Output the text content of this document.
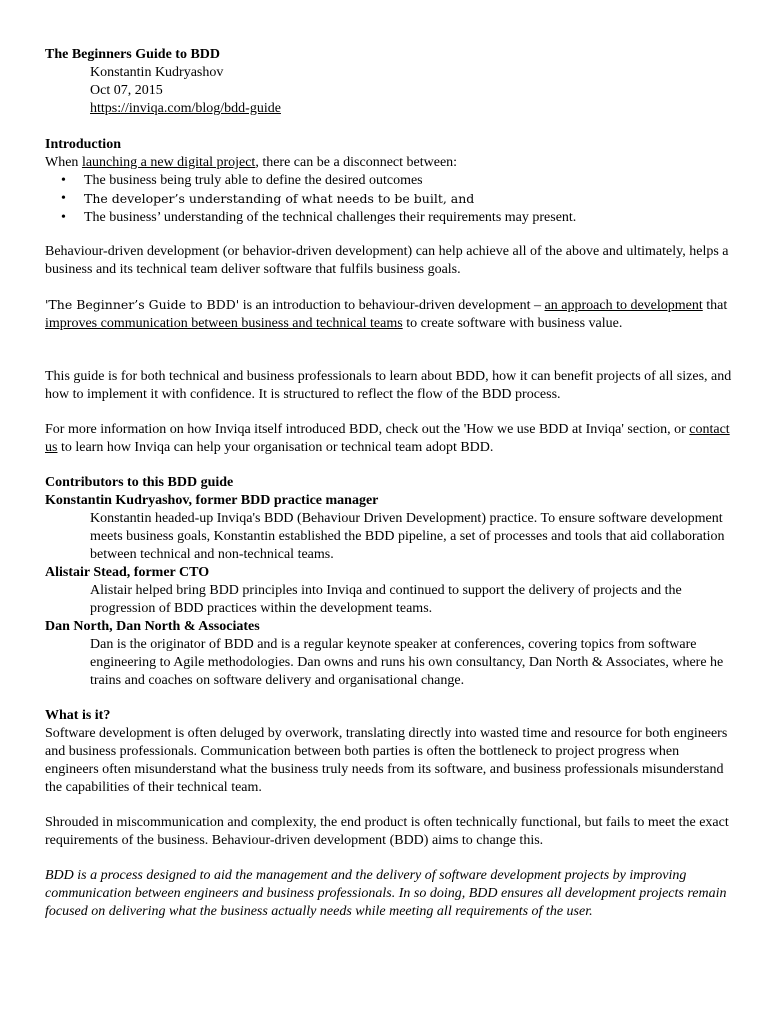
The Beginners Guide to BDD
Konstantin Kudryashov
Oct 07, 2015
https://inviqa.com/blog/bdd-guide
Introduction

When launching a new digital project, there can be a disconnect between:

• The business being truly able to define the desired outcomes
• The developer’s understanding of what needs to be built, and
• The business’ understanding of the technical challenges their requirements may present.

Behaviour-driven development (or behavior-driven development) can help achieve all of the above and ultimately, helps a business and its technical team deliver software that fulfils business goals.

'The Beginner’s Guide to BDD' is an introduction to behaviour-driven development – an approach to development that improves communication between business and technical teams to create software with business value.

This guide is for both technical and business professionals to learn about BDD, how it can benefit projects of all sizes, and how to implement it with confidence. It is structured to reflect the flow of the BDD process.

For more information on how Inviqa itself introduced BDD, check out the 'How we use BDD at Inviqa' section, or contact us to learn how Inviqa can help your organisation or technical team adopt BDD.

Contributors to this BDD guide
Konstantin Kudryashov, former BDD practice manager

Konstantin headed-up Inviqa's BDD (Behaviour Driven Development) practice. To ensure software development meets business goals, Konstantin established the BDD pipeline, a set of processes and tools that aid collaboration between technical and non-technical teams.

Alistair Stead, former CTO

Alistair helped bring BDD principles into Inviqa and continued to support the delivery of projects and the progression of BDD practices within the development teams.

Dan North, Dan North & Associates

Dan is the originator of BDD and is a regular keynote speaker at conferences, covering topics from software engineering to Agile methodologies. Dan owns and runs his own consultancy, Dan North & Associates, where he trains and coaches on software delivery and organisational change.

What is it?

Software development is often deluged by overwork, translating directly into wasted time and resource for both engineers and business professionals. Communication between both parties is often the bottleneck to project progress when engineers often misunderstand what the business truly needs from its software, and business professionals misunderstand the capabilities of their technical team.

Shrouded in miscommunication and complexity, the end product is often technically functional, but fails to meet the exact requirements of the business. Behaviour-driven development (BDD) aims to change this.

BDD is a process designed to aid the management and the delivery of software development projects by improving communication between engineers and business professionals. In so doing, BDD ensures all development projects remain focused on delivering what the business actually needs while meeting all requirements of the user.
